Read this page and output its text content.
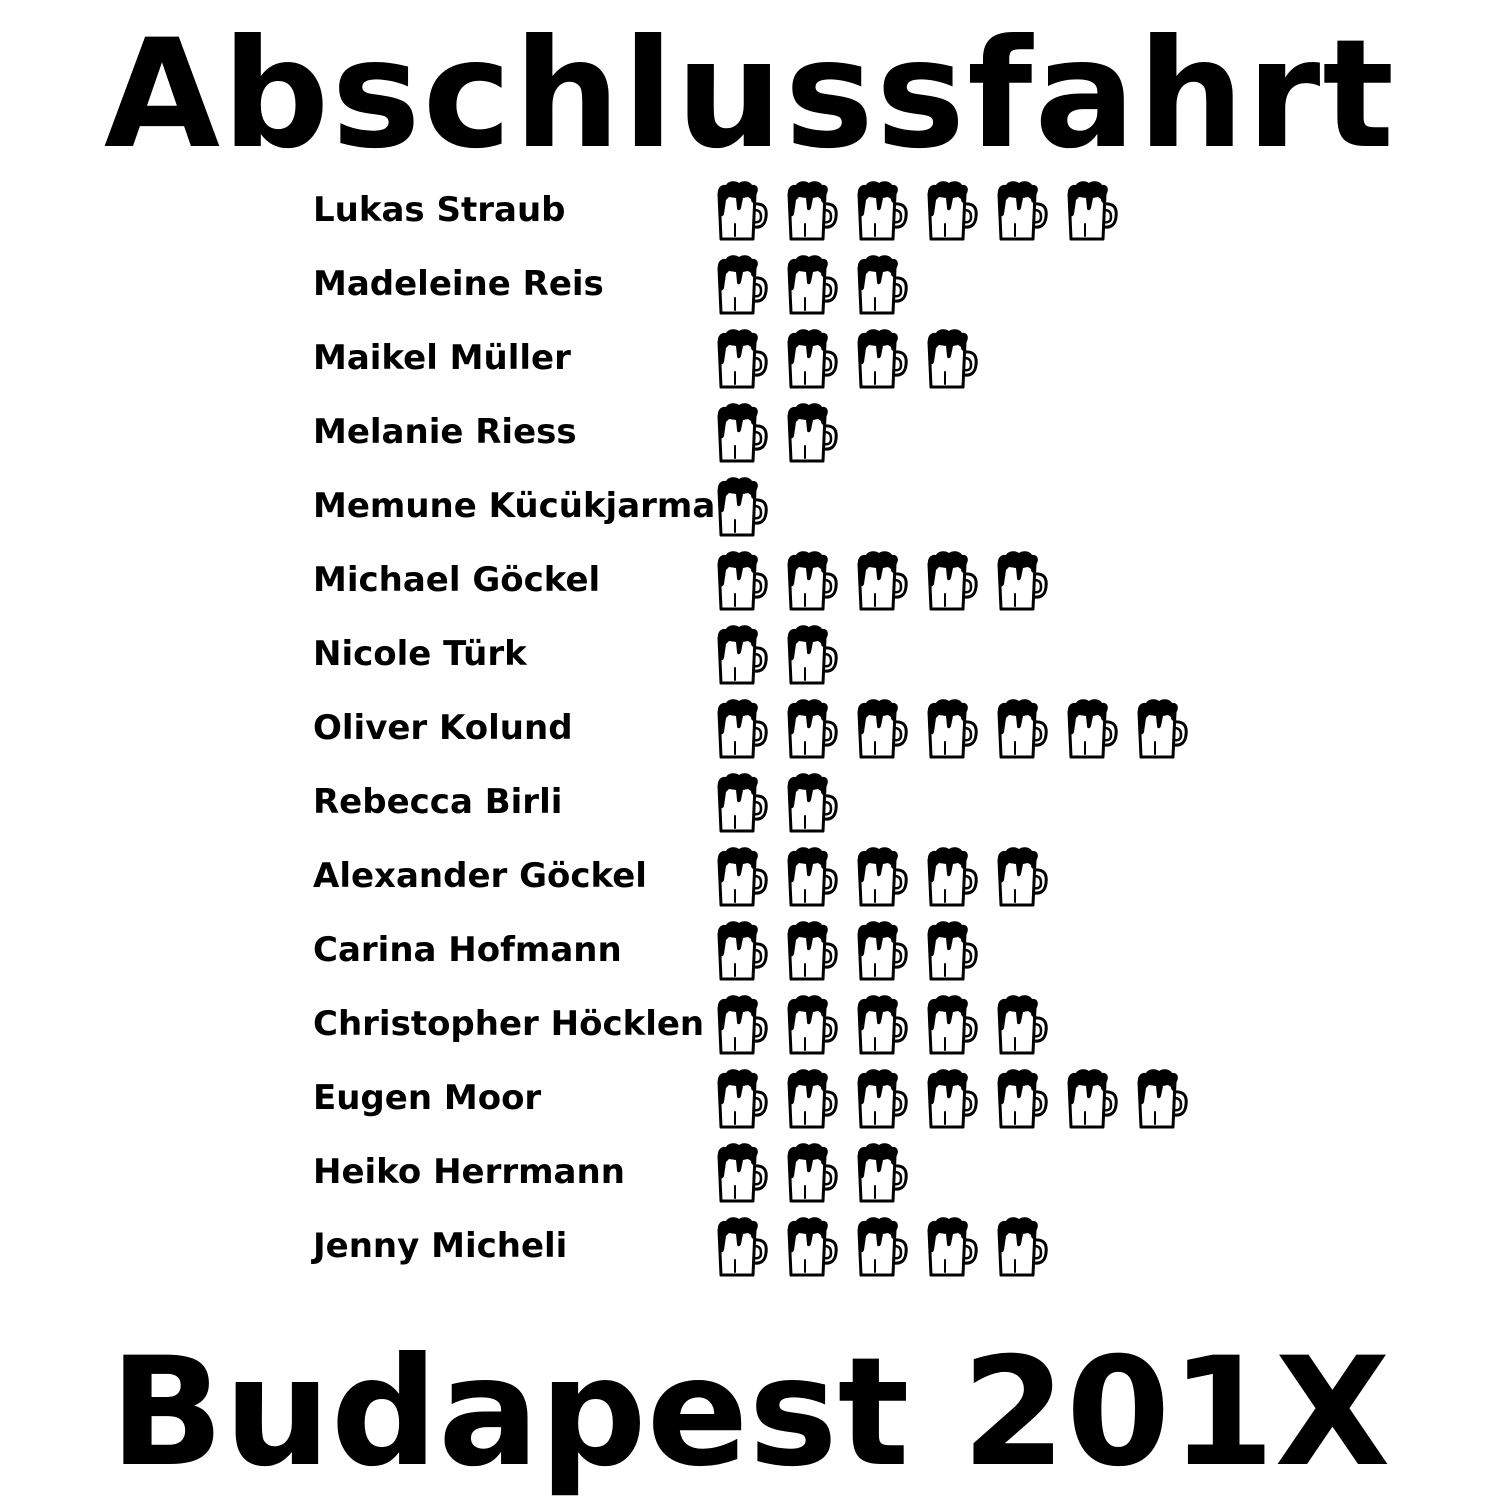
Abschlussfahrt
Lukas Straub
Madeleine Reis
Maikel Müller
Melanie Riess
Memune Kücükjarma
Michael Göckel
Nicole Türk
Oliver Kolund
Rebecca Birli
Alexander Göckel
Carina Hofmann
Christopher Höcklen
Eugen Moor
Heiko Herrmann
Jenny Micheli
Budapest 201X
